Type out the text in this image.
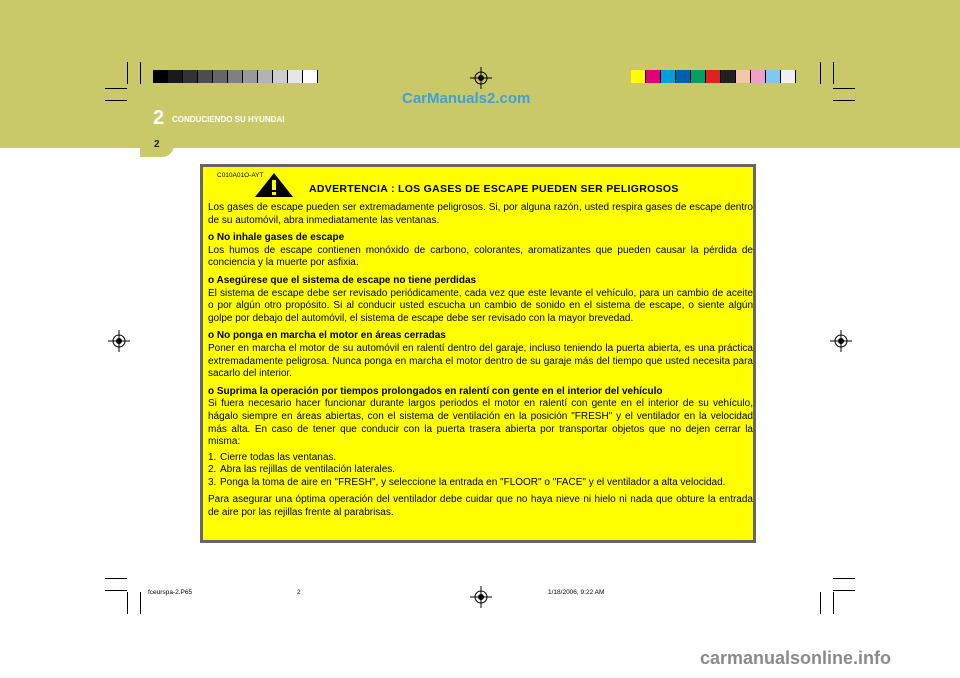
CarManuals2.com
2 CONDUCIENDO SU HYUNDAI
2
C010A01O-AYT
ADVERTENCIA : LOS GASES DE ESCAPE PUEDEN SER PELIGROSOS

Los gases de escape pueden ser extremadamente peligrosos. Si, por alguna razón, usted respira gases de escape dentro de su automóvil, abra inmediatamente las ventanas.

o No inhale gases de escape
Los humos de escape contienen monóxido de carbono, colorantes, aromatizantes que pueden causar la pérdida de conciencia y la muerte por asfixia.

o Asegúrese que el sistema de escape no tiene perdidas
El sistema de escape debe ser revisado periódicamente, cada vez que este levante el vehículo, para un cambio de aceite o por algún otro propósito. Si al conducir usted escucha un cambio de sonido en el sistema de escape, o siente algún golpe por debajo del automóvil, el sistema de escape debe ser revisado con la mayor brevedad.

o No ponga en marcha el motor en áreas cerradas
Poner en marcha el motor de su automóvil en ralentí dentro del garaje, incluso teniendo la puerta abierta, es una práctica extremadamente peligrosa. Nunca ponga en marcha el motor dentro de su garaje más del tiempo que usted necesita para sacarlo del interior.

o Suprima la operación por tiempos prolongados en ralentí con gente en el interior del vehículo
Si fuera necesario hacer funcionar durante largos periodos el motor en ralentí con gente en el interior de su vehículo, hágalo siempre en áreas abiertas, con el sistema de ventilación en la posición "FRESH" y el ventilador en la velocidad más alta. En caso de tener que conducir con la puerta trasera abierta por transportar objetos que no dejen cerrar la misma:

1. Cierre todas las ventanas.
2. Abra las rejillas de ventilación laterales.
3. Ponga la toma de aire en "FRESH", y seleccione la entrada en "FLOOR" o "FACE" y el ventilador a alta velocidad.

Para asegurar una óptima operación del ventilador debe cuidar que no haya nieve ni hielo ni nada que obture la entrada de aire por las rejillas frente al parabrisas.

fceurspa-2.P65	2	1/18/2006, 9:22 AM
carmanualsonline.info
